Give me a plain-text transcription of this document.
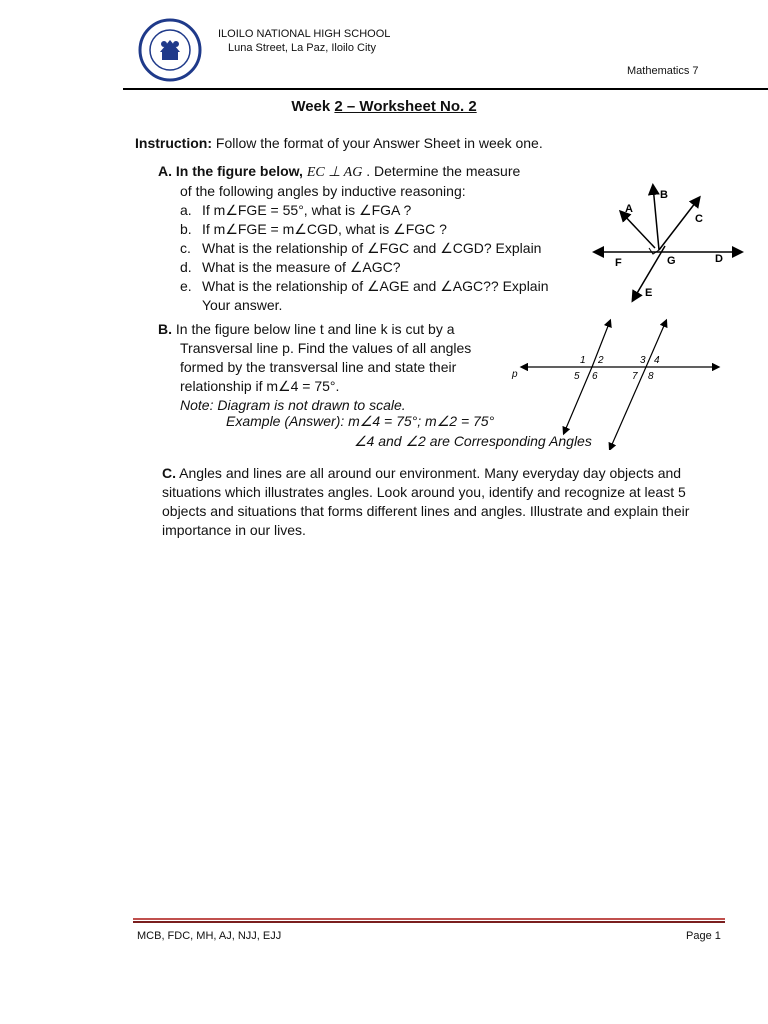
ILOILO NATIONAL HIGH SCHOOL
Luna Street, La Paz, Iloilo City
Mathematics 7
Week 2 – Worksheet No. 2
Instruction: Follow the format of your Answer Sheet in week one.
A. In the figure below, EC ⊥ AG . Determine the measure
of the following angles by inductive reasoning:
a. If m∠FGE = 55°, what is ∠FGA ?
b. If m∠FGE = m∠CGD, what is ∠FGC ?
c. What is the relationship of ∠FGC and ∠CGD? Explain
d. What is the measure of ∠AGC?
e. What is the relationship of ∠AGE and ∠AGC?? Explain
Your answer.
A
B
C
D
E
F	G
B. In the figure below line t and line k is cut by a
Transversal line p. Find the values of all angles
formed by the transversal line and state their
relationship if m∠4 = 75°.
Note: Diagram is not drawn to scale.
Example (Answer): m∠4 = 75°; m∠2 = 75°
∠4 and ∠2 are Corresponding Angles
p
1 2
5 6
3 4
7 8
C. Angles and lines are all around our environment. Many everyday day objects and situations which illustrates angles. Look around you, identify and recognize at least 5 objects and situations that forms different lines and angles. Illustrate and explain their importance in our lives.
MCB, FDC, MH, AJ, NJJ, EJJ	Page 1
